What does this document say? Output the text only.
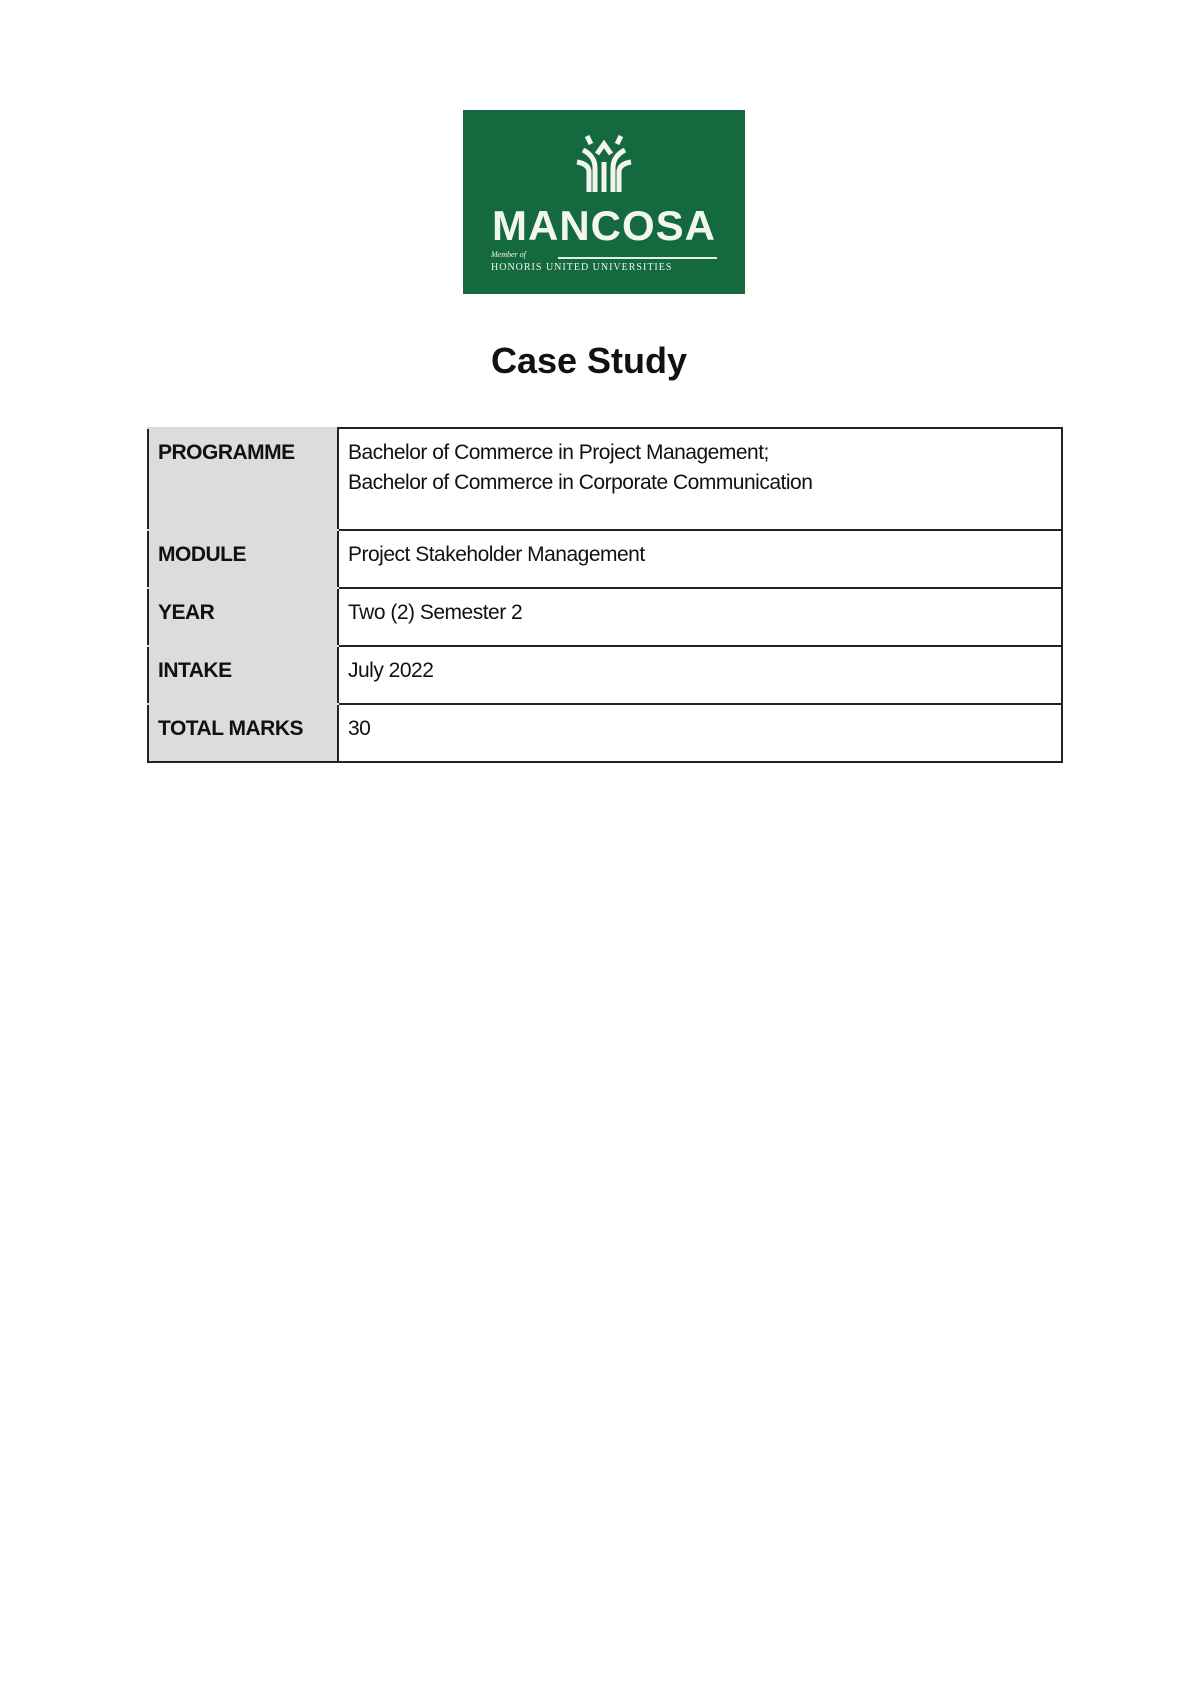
MANCOSA
Member of
HONORIS UNITED UNIVERSITIES
Case Study
PROGRAMME	Bachelor of Commerce in Project Management;
Bachelor of Commerce in Corporate Communication

MODULE	Project Stakeholder Management
YEAR	Two (2) Semester 2
INTAKE	July 2022
TOTAL MARKS	30
